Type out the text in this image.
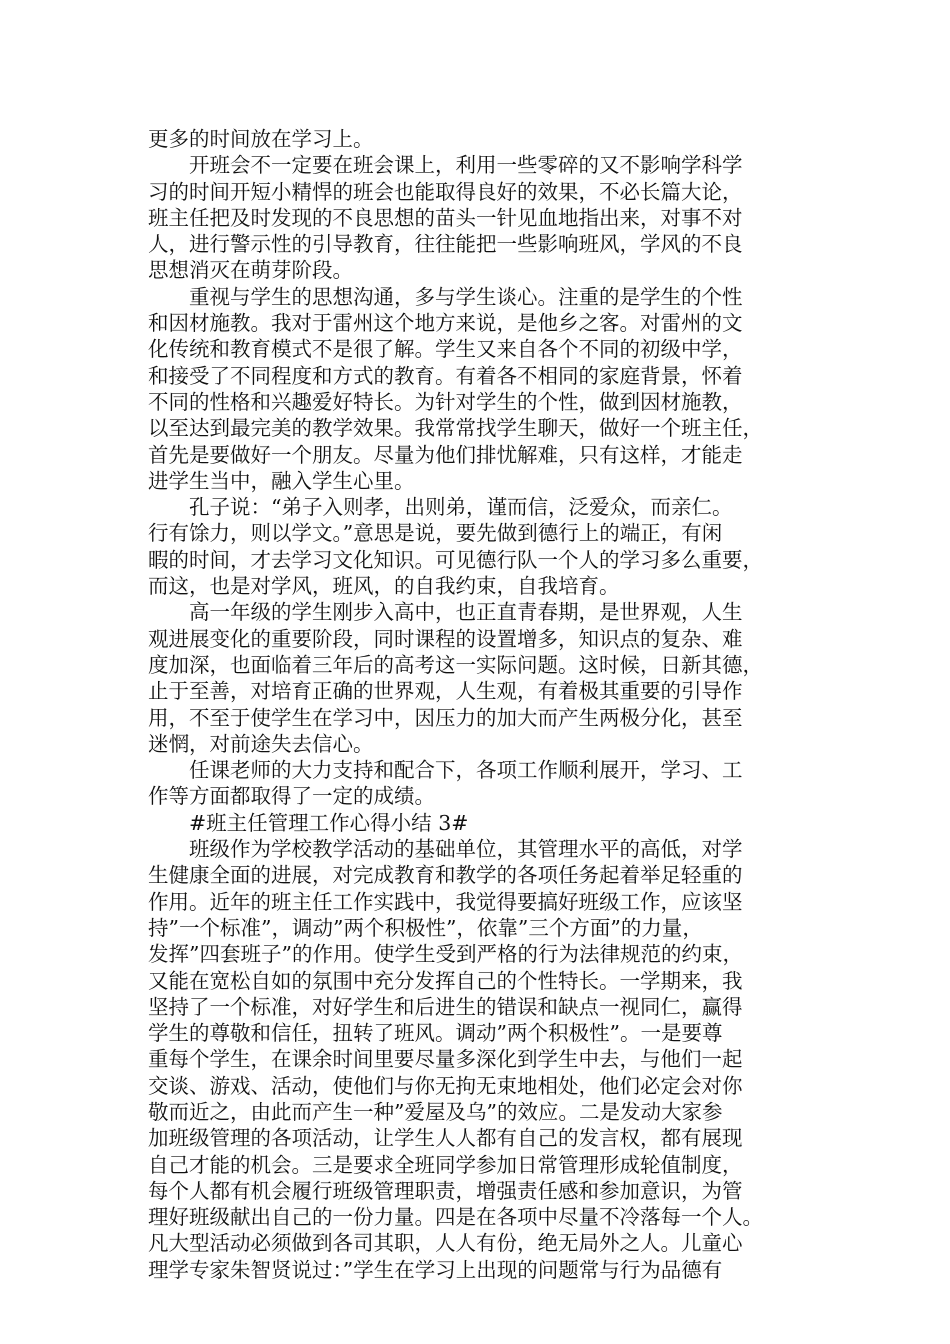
更多的时间放在学习上。
开班会不一定要在班会课上，利用一些零碎的又不影响学科学
习的时间开短小精悍的班会也能取得良好的效果，不必长篇大论，
班主任把及时发现的不良思想的苗头一针见血地指出来，对事不对
人，进行警示性的引导教育，往往能把一些影响班风，学风的不良
思想消灭在萌芽阶段。
重视与学生的思想沟通，多与学生谈心。注重的是学生的个性
和因材施教。我对于雷州这个地方来说，是他乡之客。对雷州的文
化传统和教育模式不是很了解。学生又来自各个不同的初级中学，
和接受了不同程度和方式的教育。有着各不相同的家庭背景，怀着
不同的性格和兴趣爱好特长。为针对学生的个性，做到因材施教，
以至达到最完美的教学效果。我常常找学生聊天，做好一个班主任，
首先是要做好一个朋友。尽量为他们排忧解难，只有这样，才能走
进学生当中，融入学生心里。
孔子说：“弟子入则孝，出则弟，谨而信，泛爱众，而亲仁。
行有馀力，则以学文。”意思是说，要先做到德行上的端正，有闲
暇的时间，才去学习文化知识。可见德行队一个人的学习多么重要，
而这，也是对学风，班风，的自我约束，自我培育。
高一年级的学生刚步入高中，也正直青春期，是世界观，人生
观进展变化的重要阶段，同时课程的设置增多，知识点的复杂、难
度加深，也面临着三年后的高考这一实际问题。这时候，日新其德，
止于至善，对培育正确的世界观，人生观，有着极其重要的引导作
用，不至于使学生在学习中，因压力的加大而产生两极分化，甚至
迷惘，对前途失去信心。
任课老师的大力支持和配合下，各项工作顺利展开，学习、工
作等方面都取得了一定的成绩。
#班主任管理工作心得小结 3#
班级作为学校教学活动的基础单位，其管理水平的高低，对学
生健康全面的进展，对完成教育和教学的各项任务起着举足轻重的
作用。近年的班主任工作实践中，我觉得要搞好班级工作，应该坚
持”一个标准”，调动”两个积极性”，依靠”三个方面”的力量，
发挥”四套班子”的作用。使学生受到严格的行为法律规范的约束，
又能在宽松自如的氛围中充分发挥自己的个性特长。一学期来，我
坚持了一个标准，对好学生和后进生的错误和缺点一视同仁，赢得
学生的尊敬和信任，扭转了班风。调动”两个积极性”。一是要尊
重每个学生，在课余时间里要尽量多深化到学生中去，与他们一起
交谈、游戏、活动，使他们与你无拘无束地相处，他们必定会对你
敬而近之，由此而产生一种”爱屋及乌”的效应。二是发动大家参
加班级管理的各项活动，让学生人人都有自己的发言权，都有展现
自己才能的机会。三是要求全班同学参加日常管理形成轮值制度，
每个人都有机会履行班级管理职责，增强责任感和参加意识，为管
理好班级献出自己的一份力量。四是在各项中尽量不冷落每一个人。
凡大型活动必须做到各司其职，人人有份，绝无局外之人。儿童心
理学专家朱智贤说过：”学生在学习上出现的问题常与行为品德有
